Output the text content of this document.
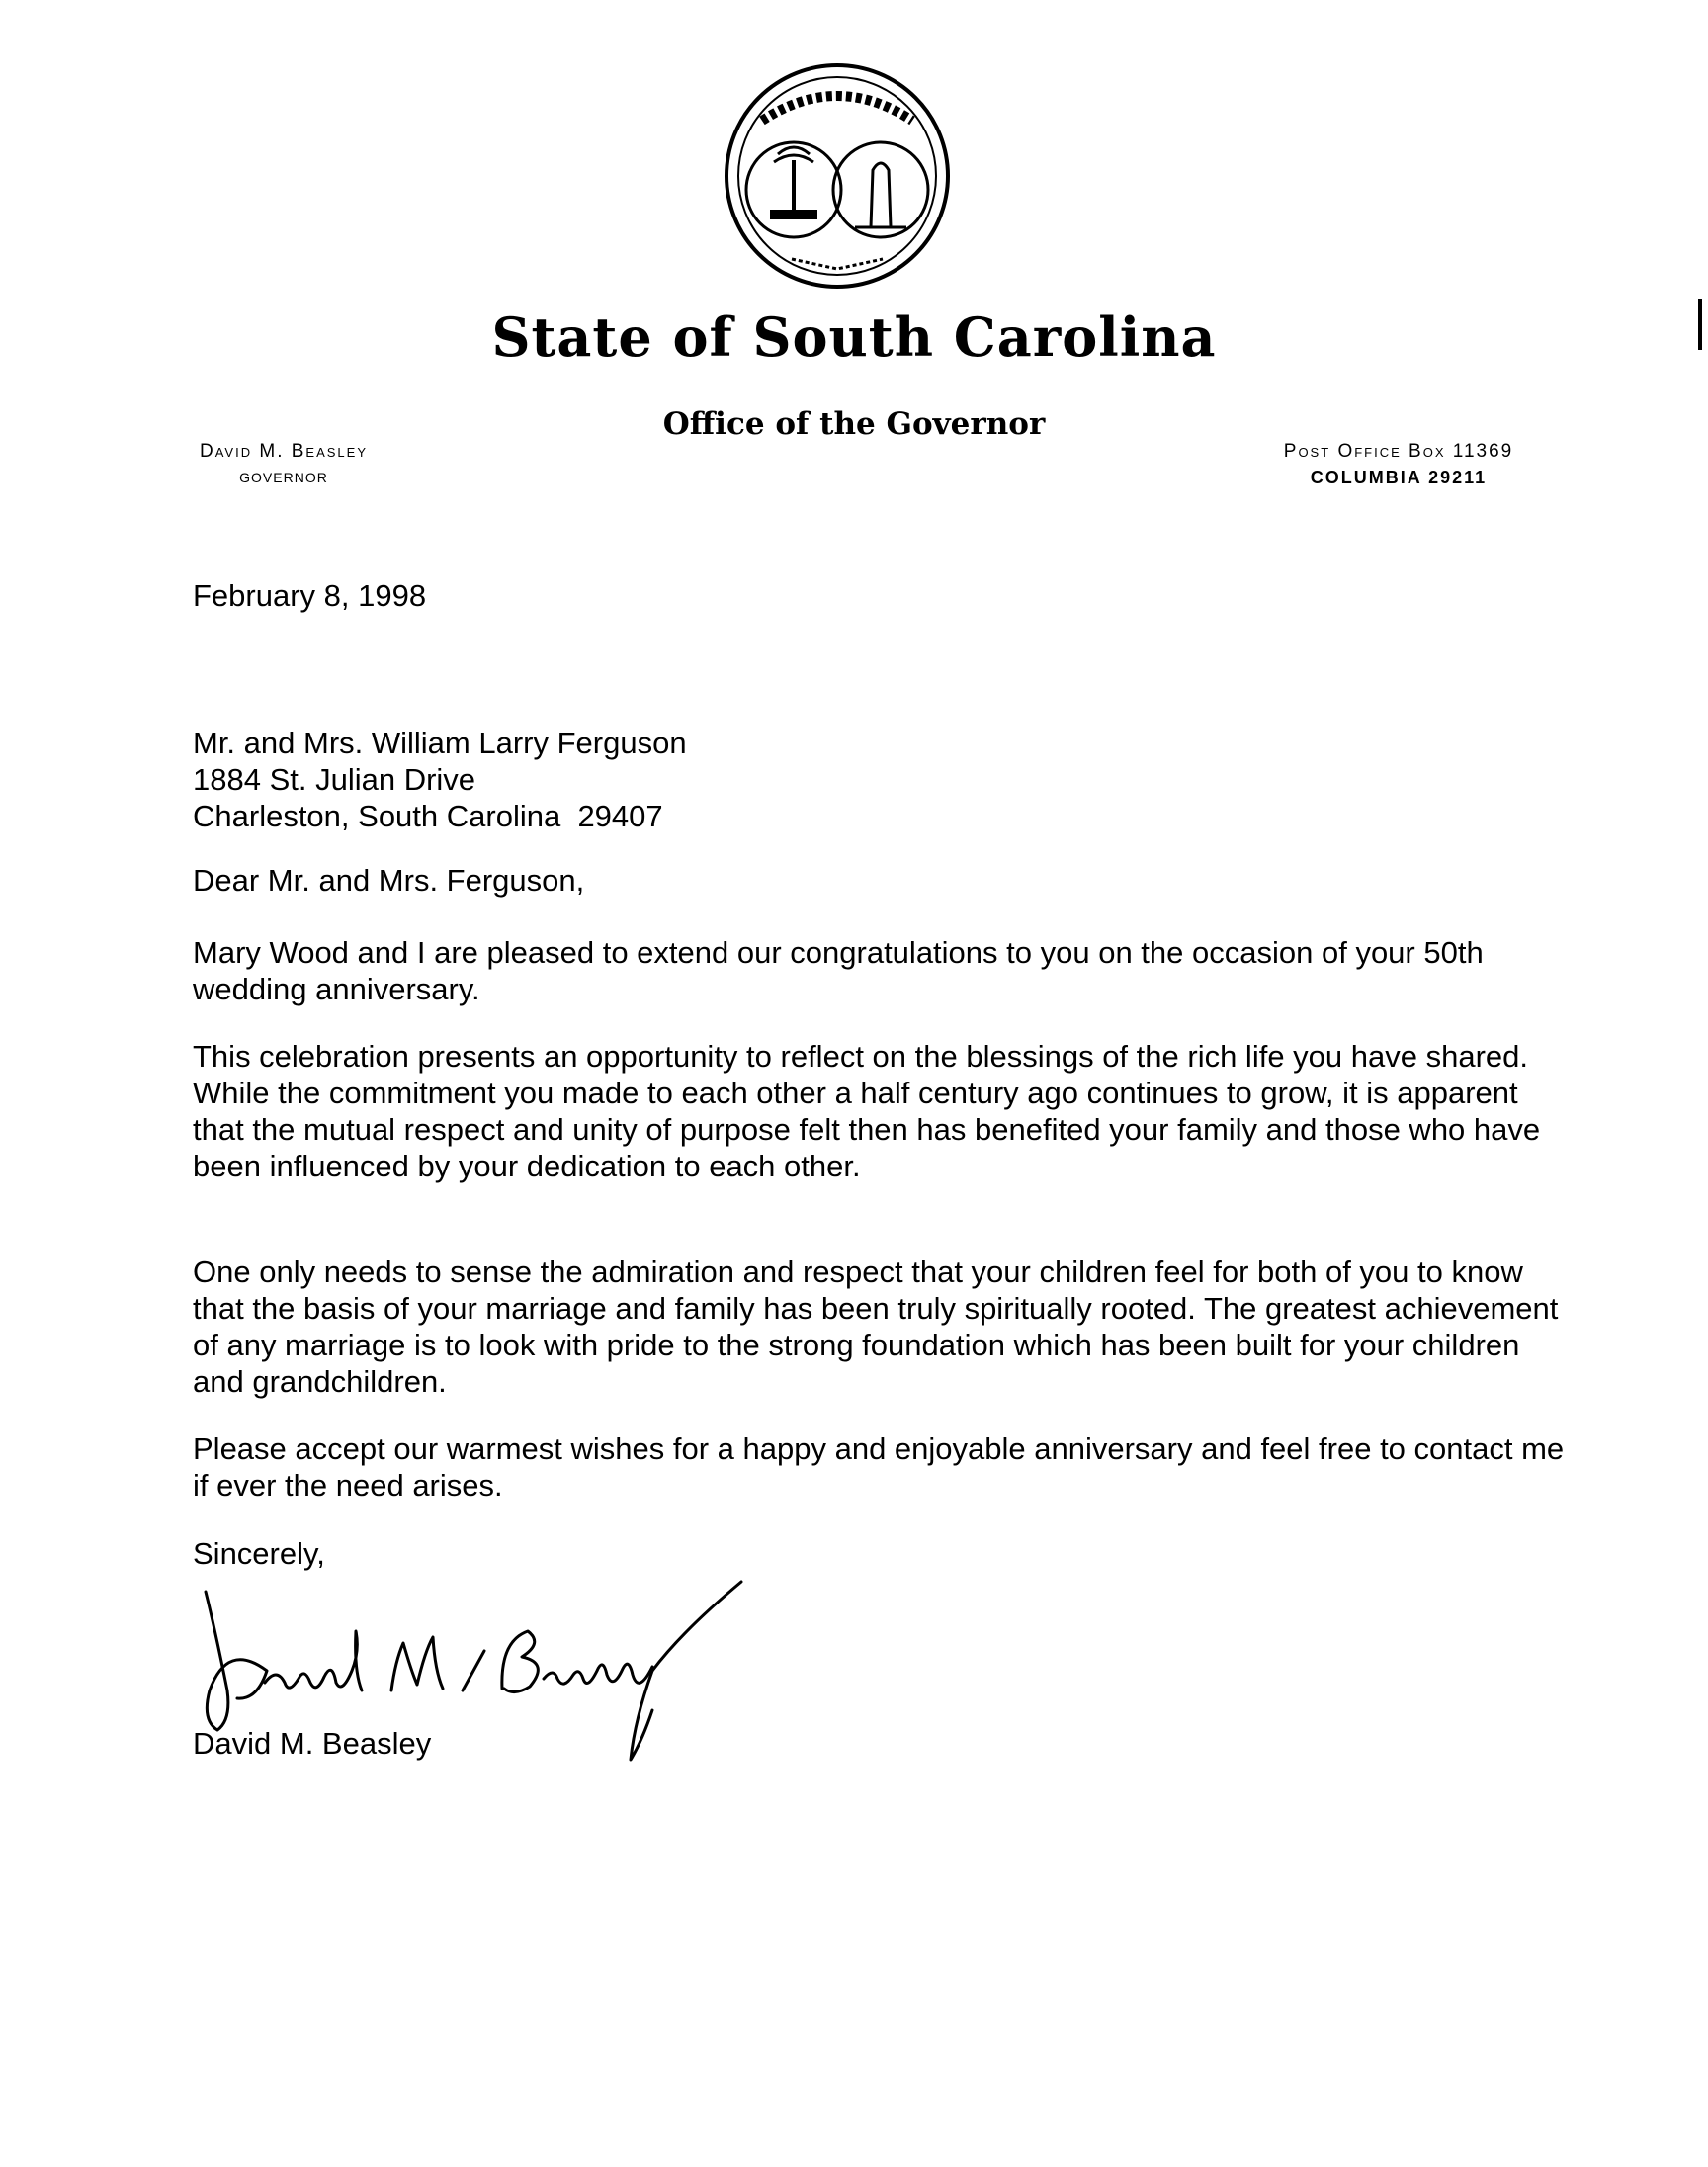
State of South Carolina
Office of the Governor
David M. Beasley
GOVERNOR
Post Office Box 11369
COLUMBIA 29211
February 8, 1998

Mr. and Mrs. William Larry Ferguson

1884 St. Julian Drive

Charleston, South Carolina  29407

Dear Mr. and Mrs. Ferguson,
Mary Wood and I are pleased to extend our congratulations to you on the occasion of your 50th wedding anniversary.
This celebration presents an opportunity to reflect on the blessings of the rich life you have shared. While the commitment you made to each other a half century ago continues to grow, it is apparent that the mutual respect and unity of purpose felt then has benefited your family and those who have been influenced by your dedication to each other.
One only needs to sense the admiration and respect that your children feel for both of you to know that the basis of your marriage and family has been truly spiritually rooted. The greatest achievement of any marriage is to look with pride to the strong foundation which has been built for your children and grandchildren.
Please accept our warmest wishes for a happy and enjoyable anniversary and feel free to contact me if ever the need arises.
Sincerely,
David M. Beasley
